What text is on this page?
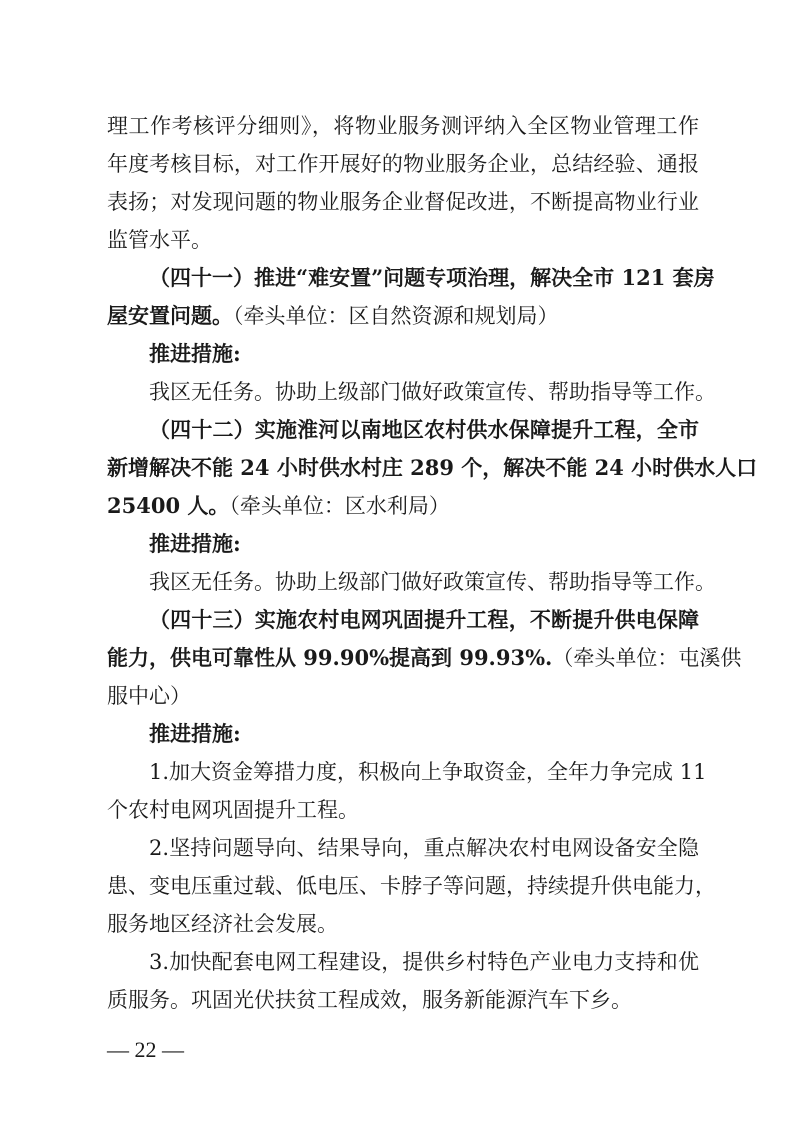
理工作考核评分细则》，将物业服务测评纳入全区物业管理工作
年度考核目标，对工作开展好的物业服务企业，总结经验、通报
表扬；对发现问题的物业服务企业督促改进，不断提高物业行业
监管水平。
（四十一）推进“难安置”问题专项治理，解决全市 121 套房
屋安置问题。（牵头单位：区自然资源和规划局）
推进措施:
我区无任务。协助上级部门做好政策宣传、帮助指导等工作。
（四十二）实施淮河以南地区农村供水保障提升工程，全市
新增解决不能 24 小时供水村庄 289 个，解决不能 24 小时供水人口
25400 人。（牵头单位：区水利局）
推进措施:
我区无任务。协助上级部门做好政策宣传、帮助指导等工作。
（四十三）实施农村电网巩固提升工程，不断提升供电保障
能力，供电可靠性从 99.90%提高到 99.93%.（牵头单位：屯溪供
服中心）
推进措施:
1.加大资金筹措力度，积极向上争取资金，全年力争完成 11
个农村电网巩固提升工程。
2.坚持问题导向、结果导向，重点解决农村电网设备安全隐
患、变电压重过载、低电压、卡脖子等问题，持续提升供电能力，
服务地区经济社会发展。
3.加快配套电网工程建设，提供乡村特色产业电力支持和优
质服务。巩固光伏扶贫工程成效，服务新能源汽车下乡。
— 22 —
